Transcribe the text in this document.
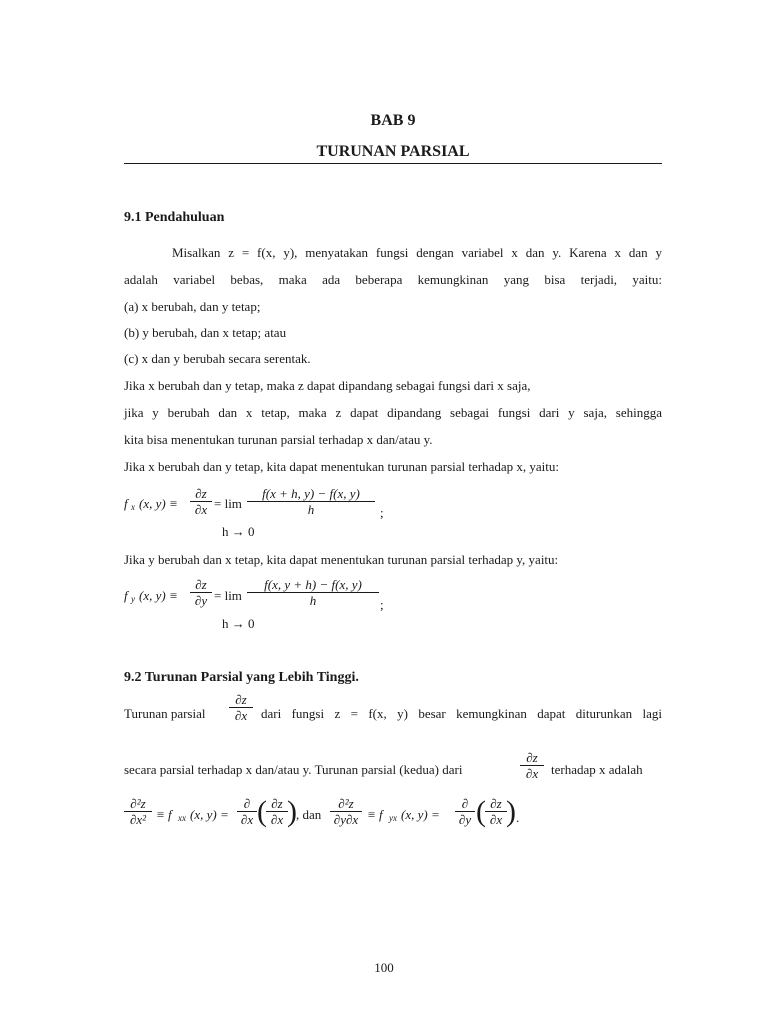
BAB 9
TURUNAN PARSIAL
9.1 Pendahuluan
Misalkan z = f(x, y), menyatakan fungsi dengan variabel x dan y. Karena x dan y
adalah variabel bebas, maka ada beberapa kemungkinan yang bisa terjadi, yaitu:
(a) x berubah, dan y tetap;
(b) y berubah, dan x tetap; atau
(c) x dan y berubah secara serentak.
Jika x berubah dan y tetap, maka z dapat dipandang sebagai fungsi dari x saja,
jika y berubah dan x tetap, maka z dapat dipandang sebagai fungsi dari y saja, sehingga
kita bisa menentukan turunan parsial terhadap x dan/atau y.
Jika x berubah dan y tetap, kita dapat menentukan turunan parsial terhadap x, yaitu:
f x (x, $y) \equiv \frac{\partial z}{\partial x} = \lim \frac{f(x + h, y) - f(x, y)}{h}$ ;
h → 0
Jika y berubah dan x tetap, kita dapat menentukan turunan parsial terhadap y, yaitu:
f y (x, $y) \equiv \frac{\partial z}{\partial y} = \lim \frac{f(x, y + h) - f(x, y)}{h}$ ;
h → 0
9.2 Turunan Parsial yang Lebih Tinggi.
Turunan parsial $\frac{\partial z}{\partial x}$ dari fungsi z = f(x, y) besar kemungkinan dapat diturunkan lagi
secara parsial terhadap x dan/atau y. Turunan parsial (kedua) dari	$\frac{\partial z}{\partial x}$ terhadap x adalah
$\frac{\text{∂²z}}{\text{∂x²}} \equiv f$ xx (x, y) =
∂
∂x ( $\frac{\partial z}{\partial x}$ ) , dan $\frac{\text{∂²z}}{\partial y\partial x} \equiv f$ yx (x, y) =
∂
∂y ( $\frac{\partial z}{\partial x}$ ) .
100
